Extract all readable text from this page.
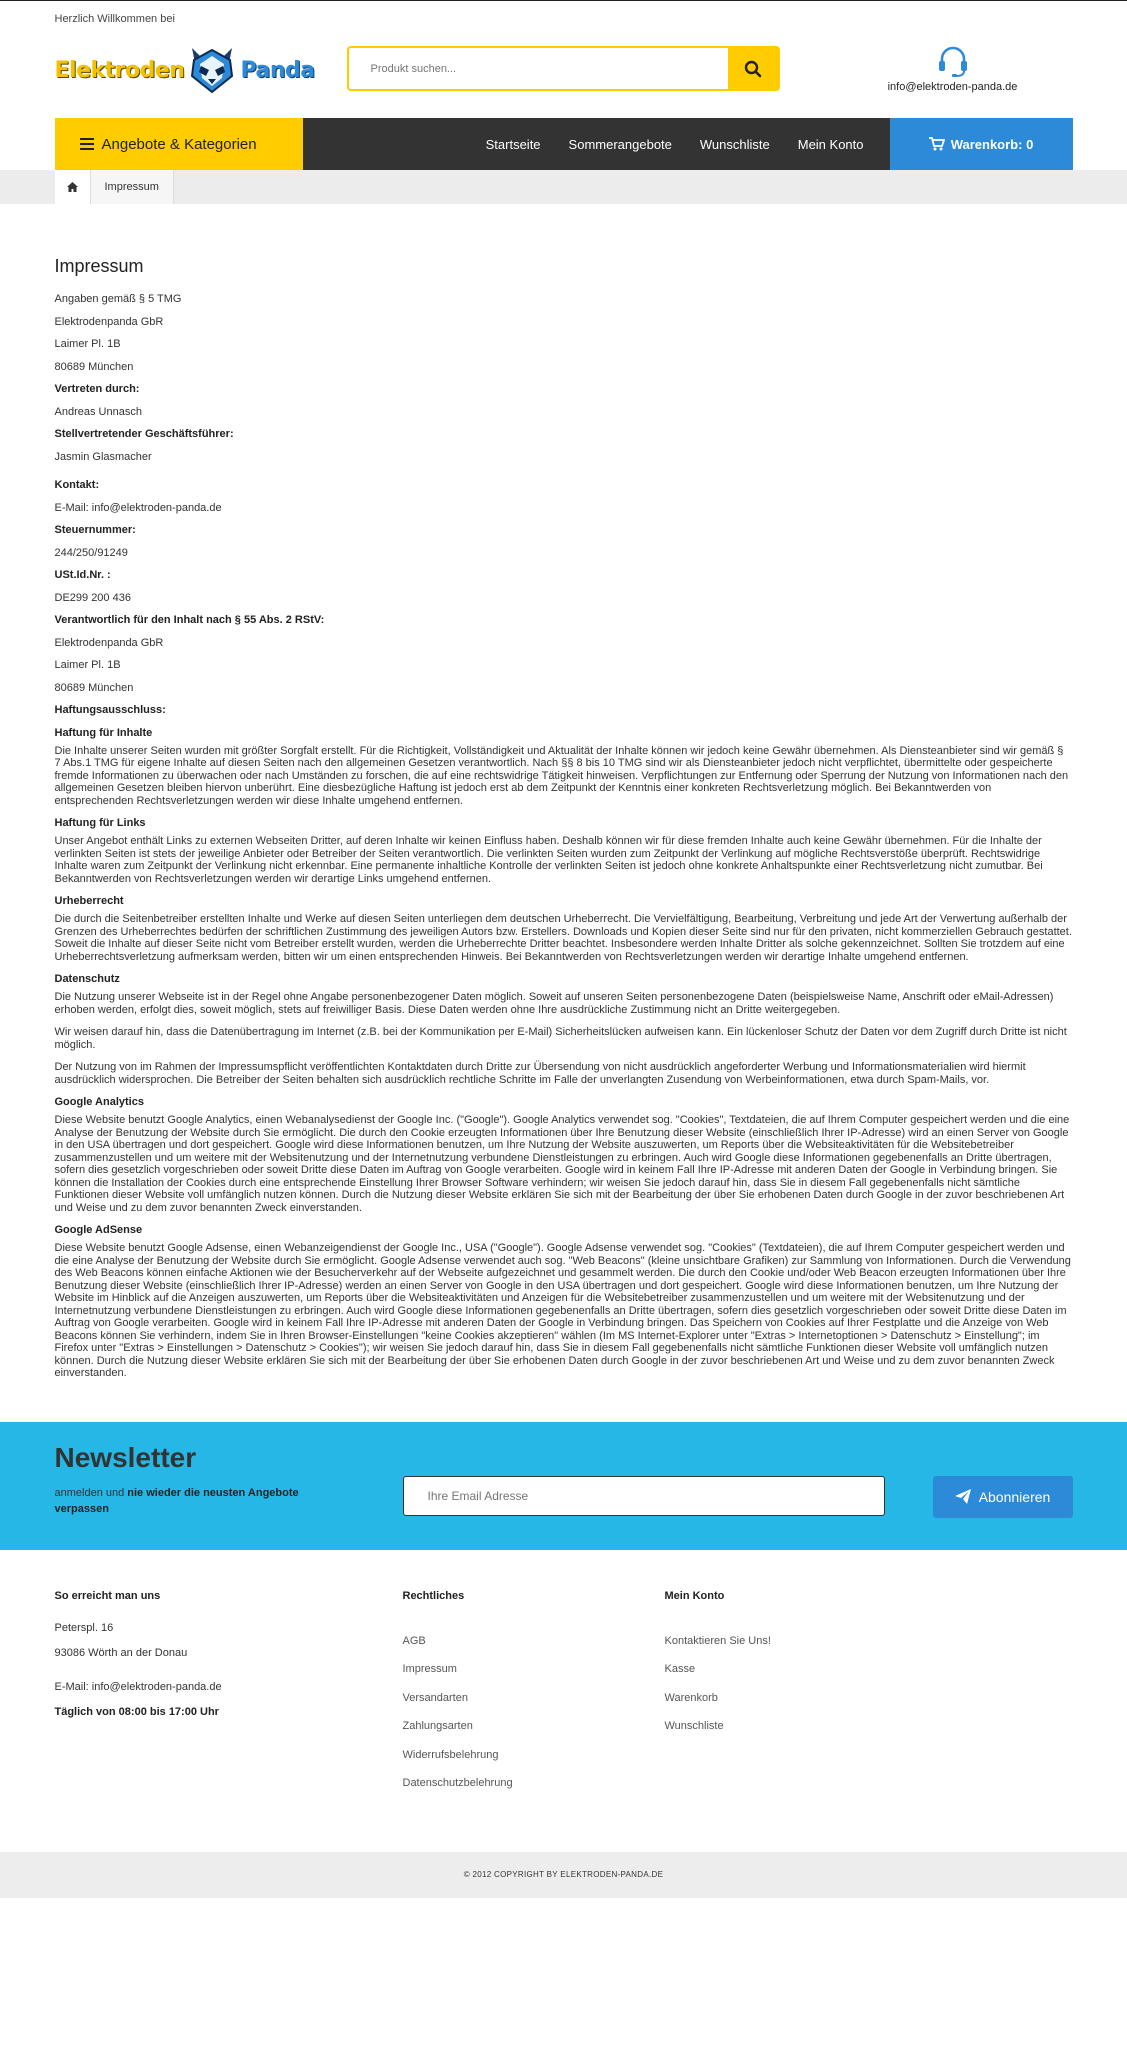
Herzlich Willkommen bei
Elektroden	Panda
Produkt suchen...
info@elektroden-panda.de
Angebote & Kategorien	Startseite Sommerangebote Wunschliste Mein Konto	Warenkorb: 0
Impressum
Impressum
Angaben gemäß § 5 TMG
Elektrodenpanda GbR
Laimer Pl. 1B
80689 München
Vertreten durch:
Andreas Unnasch
Stellvertretender Geschäftsführer:
Jasmin Glasmacher
Kontakt:
E-Mail: info@elektroden-panda.de
Steuernummer:
244/250/91249
USt.Id.Nr. :
DE299 200 436
Verantwortlich für den Inhalt nach § 55 Abs. 2 RStV:
Elektrodenpanda GbR
Laimer Pl. 1B
80689 München
Haftungsausschluss:
Haftung für Inhalte

Die Inhalte unserer Seiten wurden mit größter Sorgfalt erstellt. Für die Richtigkeit, Vollständigkeit und Aktualität der Inhalte können wir jedoch keine Gewähr übernehmen. Als Diensteanbieter sind wir gemäß § 7 Abs.1 TMG für eigene Inhalte auf diesen Seiten nach den allgemeinen Gesetzen verantwortlich. Nach §§ 8 bis 10 TMG sind wir als Diensteanbieter jedoch nicht verpflichtet, übermittelte oder gespeicherte fremde Informationen zu überwachen oder nach Umständen zu forschen, die auf eine rechtswidrige Tätigkeit hinweisen. Verpflichtungen zur Entfernung oder Sperrung der Nutzung von Informationen nach den allgemeinen Gesetzen bleiben hiervon unberührt. Eine diesbezügliche Haftung ist jedoch erst ab dem Zeitpunkt der Kenntnis einer konkreten Rechtsverletzung möglich. Bei Bekanntwerden von entsprechenden Rechtsverletzungen werden wir diese Inhalte umgehend entfernen.

Haftung für Links

Unser Angebot enthält Links zu externen Webseiten Dritter, auf deren Inhalte wir keinen Einfluss haben. Deshalb können wir für diese fremden Inhalte auch keine Gewähr übernehmen. Für die Inhalte der verlinkten Seiten ist stets der jeweilige Anbieter oder Betreiber der Seiten verantwortlich. Die verlinkten Seiten wurden zum Zeitpunkt der Verlinkung auf mögliche Rechtsverstöße überprüft. Rechtswidrige Inhalte waren zum Zeitpunkt der Verlinkung nicht erkennbar. Eine permanente inhaltliche Kontrolle der verlinkten Seiten ist jedoch ohne konkrete Anhaltspunkte einer Rechtsverletzung nicht zumutbar. Bei Bekanntwerden von Rechtsverletzungen werden wir derartige Links umgehend entfernen.

Urheberrecht

Die durch die Seitenbetreiber erstellten Inhalte und Werke auf diesen Seiten unterliegen dem deutschen Urheberrecht. Die Vervielfältigung, Bearbeitung, Verbreitung und jede Art der Verwertung außerhalb der Grenzen des Urheberrechtes bedürfen der schriftlichen Zustimmung des jeweiligen Autors bzw. Erstellers. Downloads und Kopien dieser Seite sind nur für den privaten, nicht kommerziellen Gebrauch gestattet. Soweit die Inhalte auf dieser Seite nicht vom Betreiber erstellt wurden, werden die Urheberrechte Dritter beachtet. Insbesondere werden Inhalte Dritter als solche gekennzeichnet. Sollten Sie trotzdem auf eine Urheberrechtsverletzung aufmerksam werden, bitten wir um einen entsprechenden Hinweis. Bei Bekanntwerden von Rechtsverletzungen werden wir derartige Inhalte umgehend entfernen.

Datenschutz

Die Nutzung unserer Webseite ist in der Regel ohne Angabe personenbezogener Daten möglich. Soweit auf unseren Seiten personenbezogene Daten (beispielsweise Name, Anschrift oder eMail-Adressen) erhoben werden, erfolgt dies, soweit möglich, stets auf freiwilliger Basis. Diese Daten werden ohne Ihre ausdrückliche Zustimmung nicht an Dritte weitergegeben.

Wir weisen darauf hin, dass die Datenübertragung im Internet (z.B. bei der Kommunikation per E-Mail) Sicherheitslücken aufweisen kann. Ein lückenloser Schutz der Daten vor dem Zugriff durch Dritte ist nicht möglich.

Der Nutzung von im Rahmen der Impressumspflicht veröffentlichten Kontaktdaten durch Dritte zur Übersendung von nicht ausdrücklich angeforderter Werbung und Informationsmaterialien wird hiermit ausdrücklich widersprochen. Die Betreiber der Seiten behalten sich ausdrücklich rechtliche Schritte im Falle der unverlangten Zusendung von Werbeinformationen, etwa durch Spam-Mails, vor.

Google Analytics

Diese Website benutzt Google Analytics, einen Webanalysedienst der Google Inc. ("Google"). Google Analytics verwendet sog. "Cookies", Textdateien, die auf Ihrem Computer gespeichert werden und die eine Analyse der Benutzung der Website durch Sie ermöglicht. Die durch den Cookie erzeugten Informationen über Ihre Benutzung dieser Website (einschließlich Ihrer IP-Adresse) wird an einen Server von Google in den USA übertragen und dort gespeichert. Google wird diese Informationen benutzen, um Ihre Nutzung der Website auszuwerten, um Reports über die Websiteaktivitäten für die Websitebetreiber zusammenzustellen und um weitere mit der Websitenutzung und der Internetnutzung verbundene Dienstleistungen zu erbringen. Auch wird Google diese Informationen gegebenenfalls an Dritte übertragen, sofern dies gesetzlich vorgeschrieben oder soweit Dritte diese Daten im Auftrag von Google verarbeiten. Google wird in keinem Fall Ihre IP-Adresse mit anderen Daten der Google in Verbindung bringen. Sie können die Installation der Cookies durch eine entsprechende Einstellung Ihrer Browser Software verhindern; wir weisen Sie jedoch darauf hin, dass Sie in diesem Fall gegebenenfalls nicht sämtliche Funktionen dieser Website voll umfänglich nutzen können. Durch die Nutzung dieser Website erklären Sie sich mit der Bearbeitung der über Sie erhobenen Daten durch Google in der zuvor beschriebenen Art und Weise und zu dem zuvor benannten Zweck einverstanden.

Google AdSense

Diese Website benutzt Google Adsense, einen Webanzeigendienst der Google Inc., USA ("Google"). Google Adsense verwendet sog. "Cookies" (Textdateien), die auf Ihrem Computer gespeichert werden und die eine Analyse der Benutzung der Website durch Sie ermöglicht. Google Adsense verwendet auch sog. "Web Beacons" (kleine unsichtbare Grafiken) zur Sammlung von Informationen. Durch die Verwendung des Web Beacons können einfache Aktionen wie der Besucherverkehr auf der Webseite aufgezeichnet und gesammelt werden. Die durch den Cookie und/oder Web Beacon erzeugten Informationen über Ihre Benutzung dieser Website (einschließlich Ihrer IP-Adresse) werden an einen Server von Google in den USA übertragen und dort gespeichert. Google wird diese Informationen benutzen, um Ihre Nutzung der Website im Hinblick auf die Anzeigen auszuwerten, um Reports über die Websiteaktivitäten und Anzeigen für die Websitebetreiber zusammenzustellen und um weitere mit der Websitenutzung und der Internetnutzung verbundene Dienstleistungen zu erbringen. Auch wird Google diese Informationen gegebenenfalls an Dritte übertragen, sofern dies gesetzlich vorgeschrieben oder soweit Dritte diese Daten im Auftrag von Google verarbeiten. Google wird in keinem Fall Ihre IP-Adresse mit anderen Daten der Google in Verbindung bringen. Das Speichern von Cookies auf Ihrer Festplatte und die Anzeige von Web Beacons können Sie verhindern, indem Sie in Ihren Browser-Einstellungen "keine Cookies akzeptieren" wählen (Im MS Internet-Explorer unter "Extras > Internetoptionen > Datenschutz > Einstellung"; im Firefox unter "Extras > Einstellungen > Datenschutz > Cookies"); wir weisen Sie jedoch darauf hin, dass Sie in diesem Fall gegebenenfalls nicht sämtliche Funktionen dieser Website voll umfänglich nutzen können. Durch die Nutzung dieser Website erklären Sie sich mit der Bearbeitung der über Sie erhobenen Daten durch Google in der zuvor beschriebenen Art und Weise und zu dem zuvor benannten Zweck einverstanden.

Newsletter
anmelden und nie wieder die neusten Angebote verpassen
Ihre Email Adresse
Abonnieren
So erreicht man uns
Peterspl. 16
93086 Wörth an der Donau
E-Mail: info@elektroden-panda.de
Täglich von 08:00 bis 17:00 Uhr
Rechtliches
AGB
Impressum
Versandarten
Zahlungsarten
Widerrufsbelehrung
Datenschutzbelehrung
Mein Konto
Kontaktieren Sie Uns!
Kasse
Warenkorb
Wunschliste
© 2012 COPYRIGHT BY ELEKTRODEN-PANDA.DE
